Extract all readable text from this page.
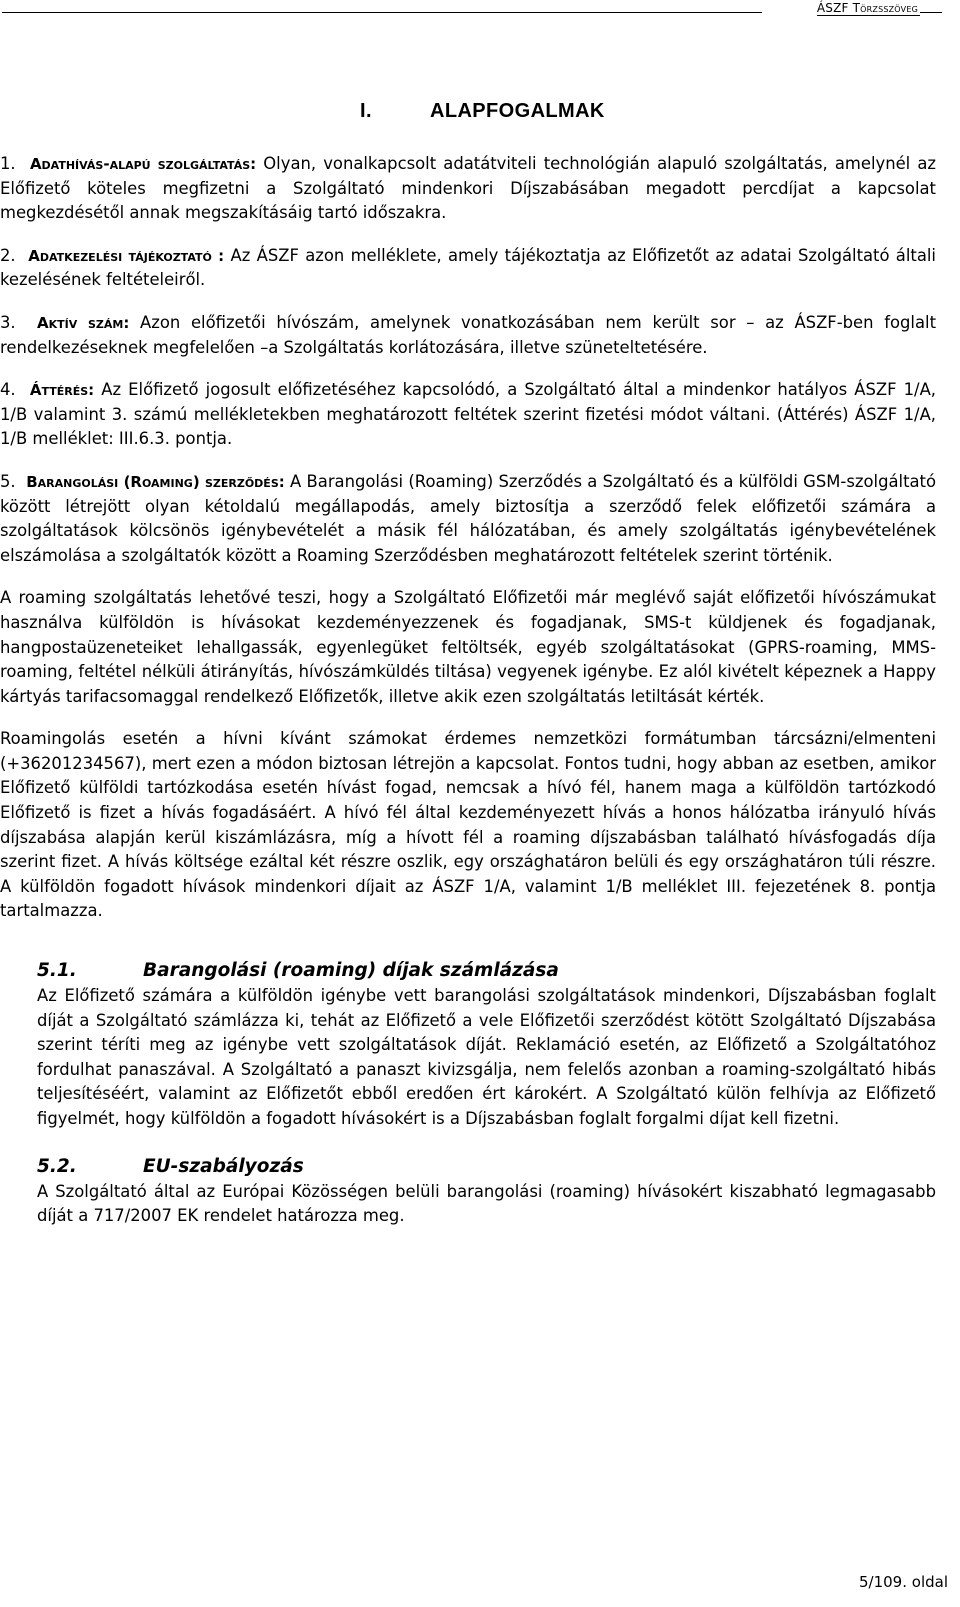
ÁSZF Törzsszöveg
I.	ALAPFOGALMAK

1. Adathívás-alapú szolgáltatás: Olyan, vonalkapcsolt adatátviteli technológián alapuló szolgáltatás, amelynél az Előfizető köteles megfizetni a Szolgáltató mindenkori Díjszabásában megadott percdíjat a kapcsolat megkezdésétől annak megszakításáig tartó időszakra.

2. Adatkezelési tájékoztató : Az ÁSZF azon melléklete, amely tájékoztatja az Előfizetőt az adatai Szolgáltató általi kezelésének feltételeiről.

3. Aktív szám: Azon előfizetői hívószám, amelynek vonatkozásában nem került sor – az ÁSZF-ben foglalt rendelkezéseknek megfelelően –a Szolgáltatás korlátozására, illetve szüneteltetésére.

4. Áttérés: Az Előfizető jogosult előfizetéséhez kapcsolódó, a Szolgáltató által a mindenkor hatályos ÁSZF 1/A, 1/B valamint 3. számú mellékletekben meghatározott feltétek szerint fizetési módot váltani. (Áttérés) ÁSZF 1/A, 1/B melléklet: III.6.3. pontja.

5. Barangolási (Roaming) szerződés: A Barangolási (Roaming) Szerződés a Szolgáltató és a külföldi GSM-szolgáltató között létrejött olyan kétoldalú megállapodás, amely biztosítja a szerződő felek előfizetői számára a szolgáltatások kölcsönös igénybevételét a másik fél hálózatában, és amely szolgáltatás igénybevételének elszámolása a szolgáltatók között a Roaming Szerződésben meghatározott feltételek szerint történik.

A roaming szolgáltatás lehetővé teszi, hogy a Szolgáltató Előfizetői már meglévő saját előfizetői hívószámukat használva külföldön is hívásokat kezdeményezzenek és fogadjanak, SMS-t küldjenek és fogadjanak, hangpostaüzeneteiket lehallgassák, egyenlegüket feltöltsék, egyéb szolgáltatásokat (GPRS-roaming, MMS-roaming, feltétel nélküli átirányítás, hívószámküldés tiltása) vegyenek igénybe. Ez alól kivételt képeznek a Happy kártyás tarifacsomaggal rendelkező Előfizetők, illetve akik ezen szolgáltatás letiltását kérték.

Roamingolás esetén a hívni kívánt számokat érdemes nemzetközi formátumban tárcsázni/elmenteni (+36201234567), mert ezen a módon biztosan létrejön a kapcsolat. Fontos tudni, hogy abban az esetben, amikor Előfizető külföldi tartózkodása esetén hívást fogad, nemcsak a hívó fél, hanem maga a külföldön tartózkodó Előfizető is fizet a hívás fogadásáért. A hívó fél által kezdeményezett hívás a honos hálózatba irányuló hívás díjszabása alapján kerül kiszámlázásra, míg a hívott fél a roaming díjszabásban található hívásfogadás díja szerint fizet. A hívás költsége ezáltal két részre oszlik, egy országhatáron belüli és egy országhatáron túli részre. A külföldön fogadott hívások mindenkori díjait az ÁSZF 1/A, valamint 1/B melléklet III. fejezetének 8. pontja tartalmazza.

5.1.	Barangolási (roaming) díjak számlázása

Az Előfizető számára a külföldön igénybe vett barangolási szolgáltatások mindenkori, Díjszabásban foglalt díját a Szolgáltató számlázza ki, tehát az Előfizető a vele Előfizetői szerződést kötött Szolgáltató Díjszabása szerint téríti meg az igénybe vett szolgáltatások díját. Reklamáció esetén, az Előfizető a Szolgáltatóhoz fordulhat panaszával. A Szolgáltató a panaszt kivizsgálja, nem felelős azonban a roaming-szolgáltató hibás teljesítéséért, valamint az Előfizetőt ebből eredően ért károkért. A Szolgáltató külön felhívja az Előfizető figyelmét, hogy külföldön a fogadott hívásokért is a Díjszabásban foglalt forgalmi díjat kell fizetni.

5.2.	EU-szabályozás

A Szolgáltató által az Európai Közösségen belüli barangolási (roaming) hívásokért kiszabható legmagasabb díját a 717/2007 EK rendelet határozza meg.

5/109. oldal
